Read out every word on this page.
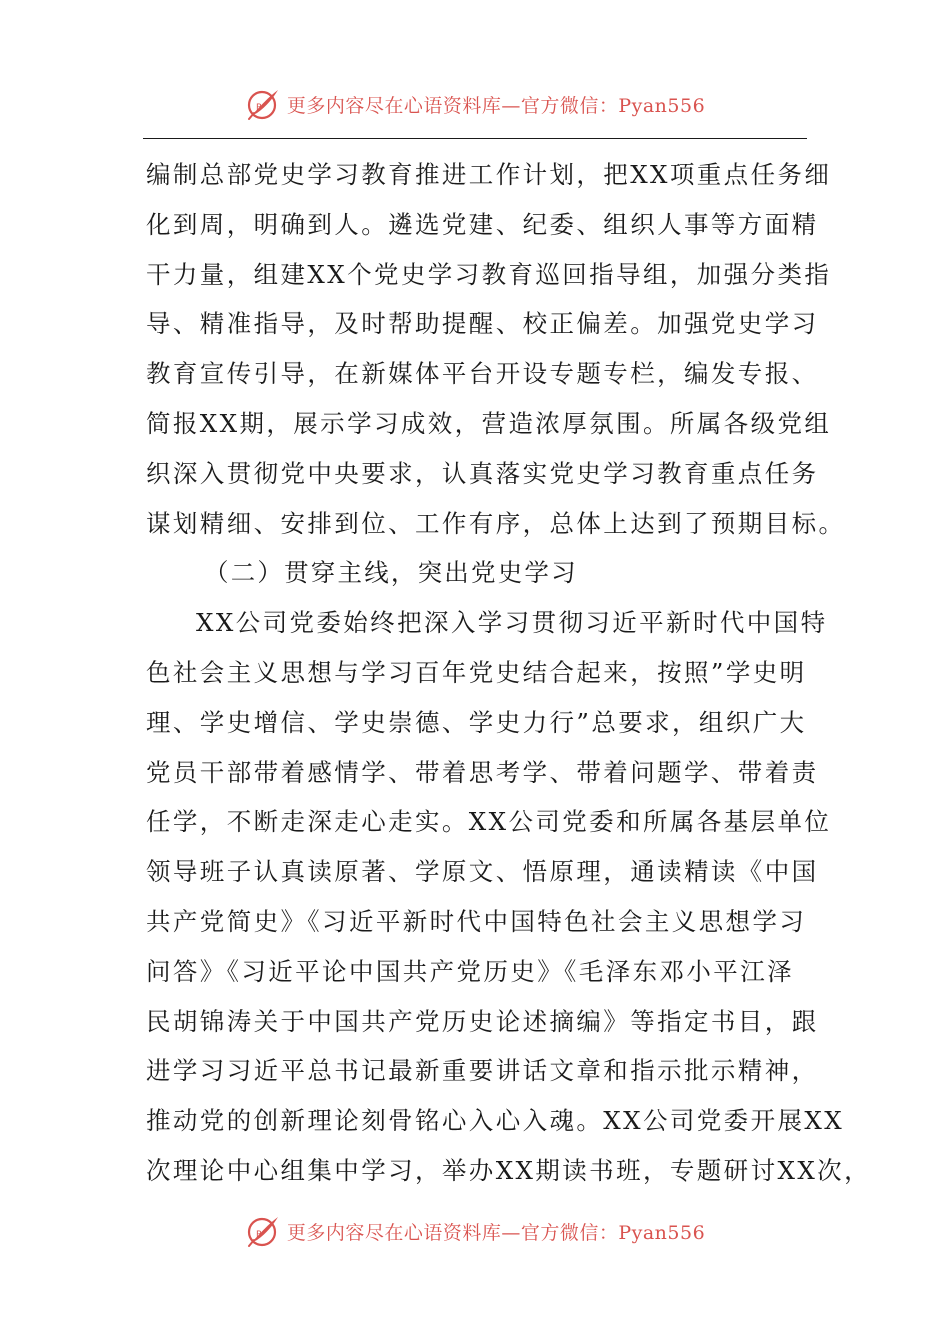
P 更多内容尽在心语资料库—官方微信：Pyan556
编制总部党史学习教育推进工作计划，把XX项重点任务细
化到周，明确到人。遴选党建、纪委、组织人事等方面精
干力量，组建XX个党史学习教育巡回指导组，加强分类指
导、精准指导，及时帮助提醒、校正偏差。加强党史学习
教育宣传引导，在新媒体平台开设专题专栏，编发专报、
简报XX期，展示学习成效，营造浓厚氛围。所属各级党组
织深入贯彻党中央要求，认真落实党史学习教育重点任务
谋划精细、安排到位、工作有序，总体上达到了预期目标。
（二）贯穿主线，突出党史学习
XX公司党委始终把深入学习贯彻习近平新时代中国特
色社会主义思想与学习百年党史结合起来，按照”学史明
理、学史增信、学史崇德、学史力行”总要求，组织广大
党员干部带着感情学、带着思考学、带着问题学、带着责
任学，不断走深走心走实。XX公司党委和所属各基层单位
领导班子认真读原著、学原文、悟原理，通读精读《中国
共产党简史》《习近平新时代中国特色社会主义思想学习
问答》《习近平论中国共产党历史》《毛泽东邓小平江泽
民胡锦涛关于中国共产党历史论述摘编》等指定书目，跟
进学习习近平总书记最新重要讲话文章和指示批示精神，
推动党的创新理论刻骨铭心入心入魂。XX公司党委开展XX
次理论中心组集中学习，举办XX期读书班，专题研讨XX次，
P 更多内容尽在心语资料库—官方微信：Pyan556
